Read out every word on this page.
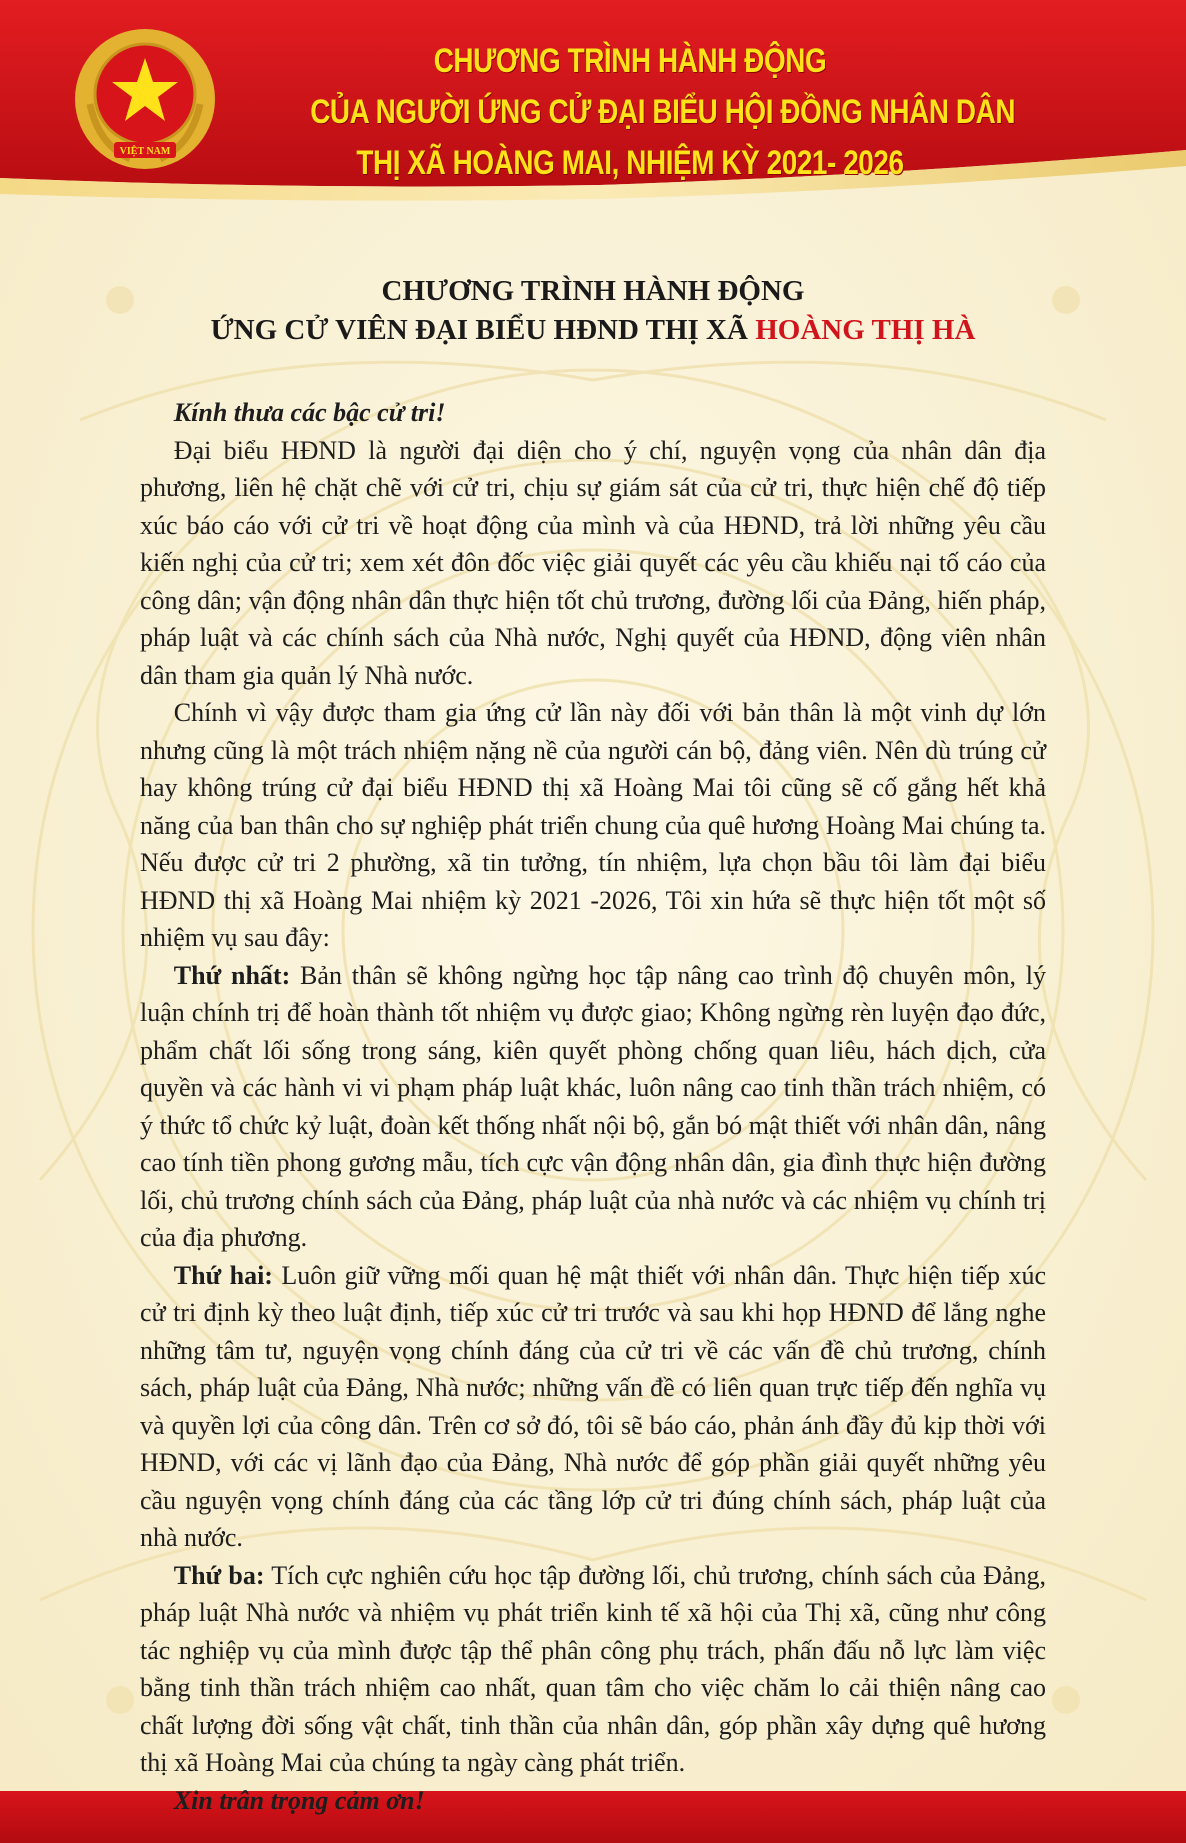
VIỆT NAM
CHƯƠNG TRÌNH HÀNH ĐỘNG
CỦA NGƯỜI ỨNG CỬ ĐẠI BIỂU HỘI ĐỒNG NHÂN DÂN
THỊ XÃ HOÀNG MAI, NHIỆM KỲ 2021- 2026
CHƯƠNG TRÌNH HÀNH ĐỘNG
ỨNG CỬ VIÊN ĐẠI BIỂU HĐND THỊ XÃ HOÀNG THỊ HÀ

Kính thưa các bậc cử tri!

Đại biểu HĐND là người đại diện cho ý chí, nguyện vọng của nhân dân địa phương, liên hệ chặt chẽ với cử tri, chịu sự giám sát của cử tri, thực hiện chế độ tiếp xúc báo cáo với cử tri về hoạt động của mình và của HĐND, trả lời những yêu cầu kiến nghị của cử tri; xem xét đôn đốc việc giải quyết các yêu cầu khiếu nại tố cáo của công dân; vận động nhân dân thực hiện tốt chủ trương, đường lối của Đảng, hiến pháp, pháp luật và các chính sách của Nhà nước, Nghị quyết của HĐND, động viên nhân dân tham gia quản lý Nhà nước.

Chính vì vậy được tham gia ứng cử lần này đối với bản thân là một vinh dự lớn nhưng cũng là một trách nhiệm nặng nề của người cán bộ, đảng viên. Nên dù trúng cử hay không trúng cử đại biểu HĐND thị xã Hoàng Mai tôi cũng sẽ cố gắng hết khả năng của ban thân cho sự nghiệp phát triển chung của quê hương Hoàng Mai chúng ta. Nếu được cử tri 2 phường, xã tin tưởng, tín nhiệm, lựa chọn bầu tôi làm đại biểu HĐND thị xã Hoàng Mai nhiệm kỳ 2021 -2026, Tôi xin hứa sẽ thực hiện tốt một số nhiệm vụ sau đây:

Thứ nhất: Bản thân sẽ không ngừng học tập nâng cao trình độ chuyên môn, lý luận chính trị để hoàn thành tốt nhiệm vụ được giao; Không ngừng rèn luyện đạo đức, phẩm chất lối sống trong sáng, kiên quyết phòng chống quan liêu, hách dịch, cửa quyền và các hành vi vi phạm pháp luật khác, luôn nâng cao tinh thần trách nhiệm, có ý thức tổ chức kỷ luật, đoàn kết thống nhất nội bộ, gắn bó mật thiết với nhân dân, nâng cao tính tiền phong gương mẫu, tích cực vận động nhân dân, gia đình thực hiện đường lối, chủ trương chính sách của Đảng, pháp luật của nhà nước và các nhiệm vụ chính trị của địa phương.

Thứ hai: Luôn giữ vững mối quan hệ mật thiết với nhân dân. Thực hiện tiếp xúc cử tri định kỳ theo luật định, tiếp xúc cử tri trước và sau khi họp HĐND để lắng nghe những tâm tư, nguyện vọng chính đáng của cử tri về các vấn đề chủ trương, chính sách, pháp luật của Đảng, Nhà nước; những vấn đề có liên quan trực tiếp đến nghĩa vụ và quyền lợi của công dân. Trên cơ sở đó, tôi sẽ báo cáo, phản ánh đầy đủ kịp thời với HĐND, với các vị lãnh đạo của Đảng, Nhà nước để góp phần giải quyết những yêu cầu nguyện vọng chính đáng của các tầng lớp cử tri đúng chính sách, pháp luật của nhà nước.

Thứ ba: Tích cực nghiên cứu học tập đường lối, chủ trương, chính sách của Đảng, pháp luật Nhà nước và nhiệm vụ phát triển kinh tế xã hội của Thị xã, cũng như công tác nghiệp vụ của mình được tập thể phân công phụ trách, phấn đấu nỗ lực làm việc bằng tinh thần trách nhiệm cao nhất, quan tâm cho việc chăm lo cải thiện nâng cao chất lượng đời sống vật chất, tinh thần của nhân dân, góp phần xây dựng quê hương thị xã Hoàng Mai của chúng ta ngày càng phát triển.

Xin trân trọng cảm ơn!
